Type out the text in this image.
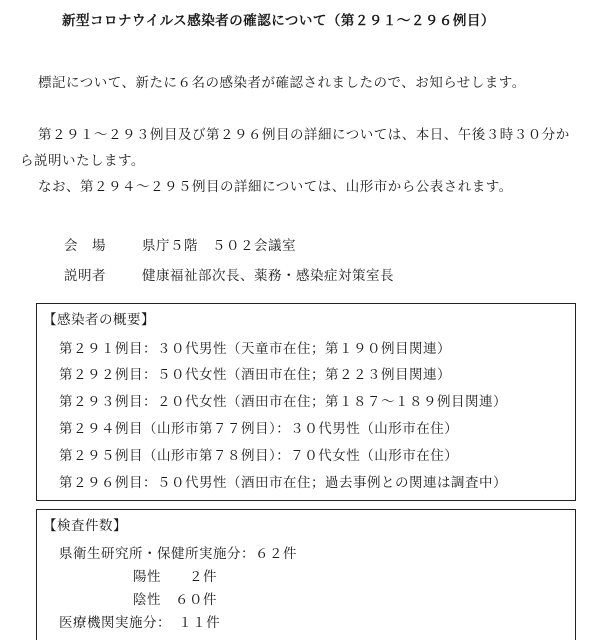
新型コロナウイルス感染者の確認について（第２９１～２９６例目）
標記について、新たに６名の感染者が確認されましたので、お知らせします。
第２９１～２９３例目及び第２９６例目の詳細については、本日、午後３時３０分から説明いたします。
なお、第２９４～２９５例目の詳細については、山形市から公表されます。
会　場	県庁５階　５０２会議室
説明者	健康福祉部次長、薬務・感染症対策室長
【感染者の概要】
第２９１例目：３０代男性（天童市在住；第１９０例目関連）
第２９２例目：５０代女性（酒田市在住；第２２３例目関連）
第２９３例目：２０代女性（酒田市在住；第１８７～１８９例目関連）
第２９４例目（山形市第７７例目）：３０代男性（山形市在住）
第２９５例目（山形市第７８例目）：７０代女性（山形市在住）
第２９６例目：５０代男性（酒田市在住；過去事例との関連は調査中）
【検査件数】
県衛生研究所・保健所実施分：６２件
陽性　　２件
陰性　６０件
医療機関実施分：　１１件
